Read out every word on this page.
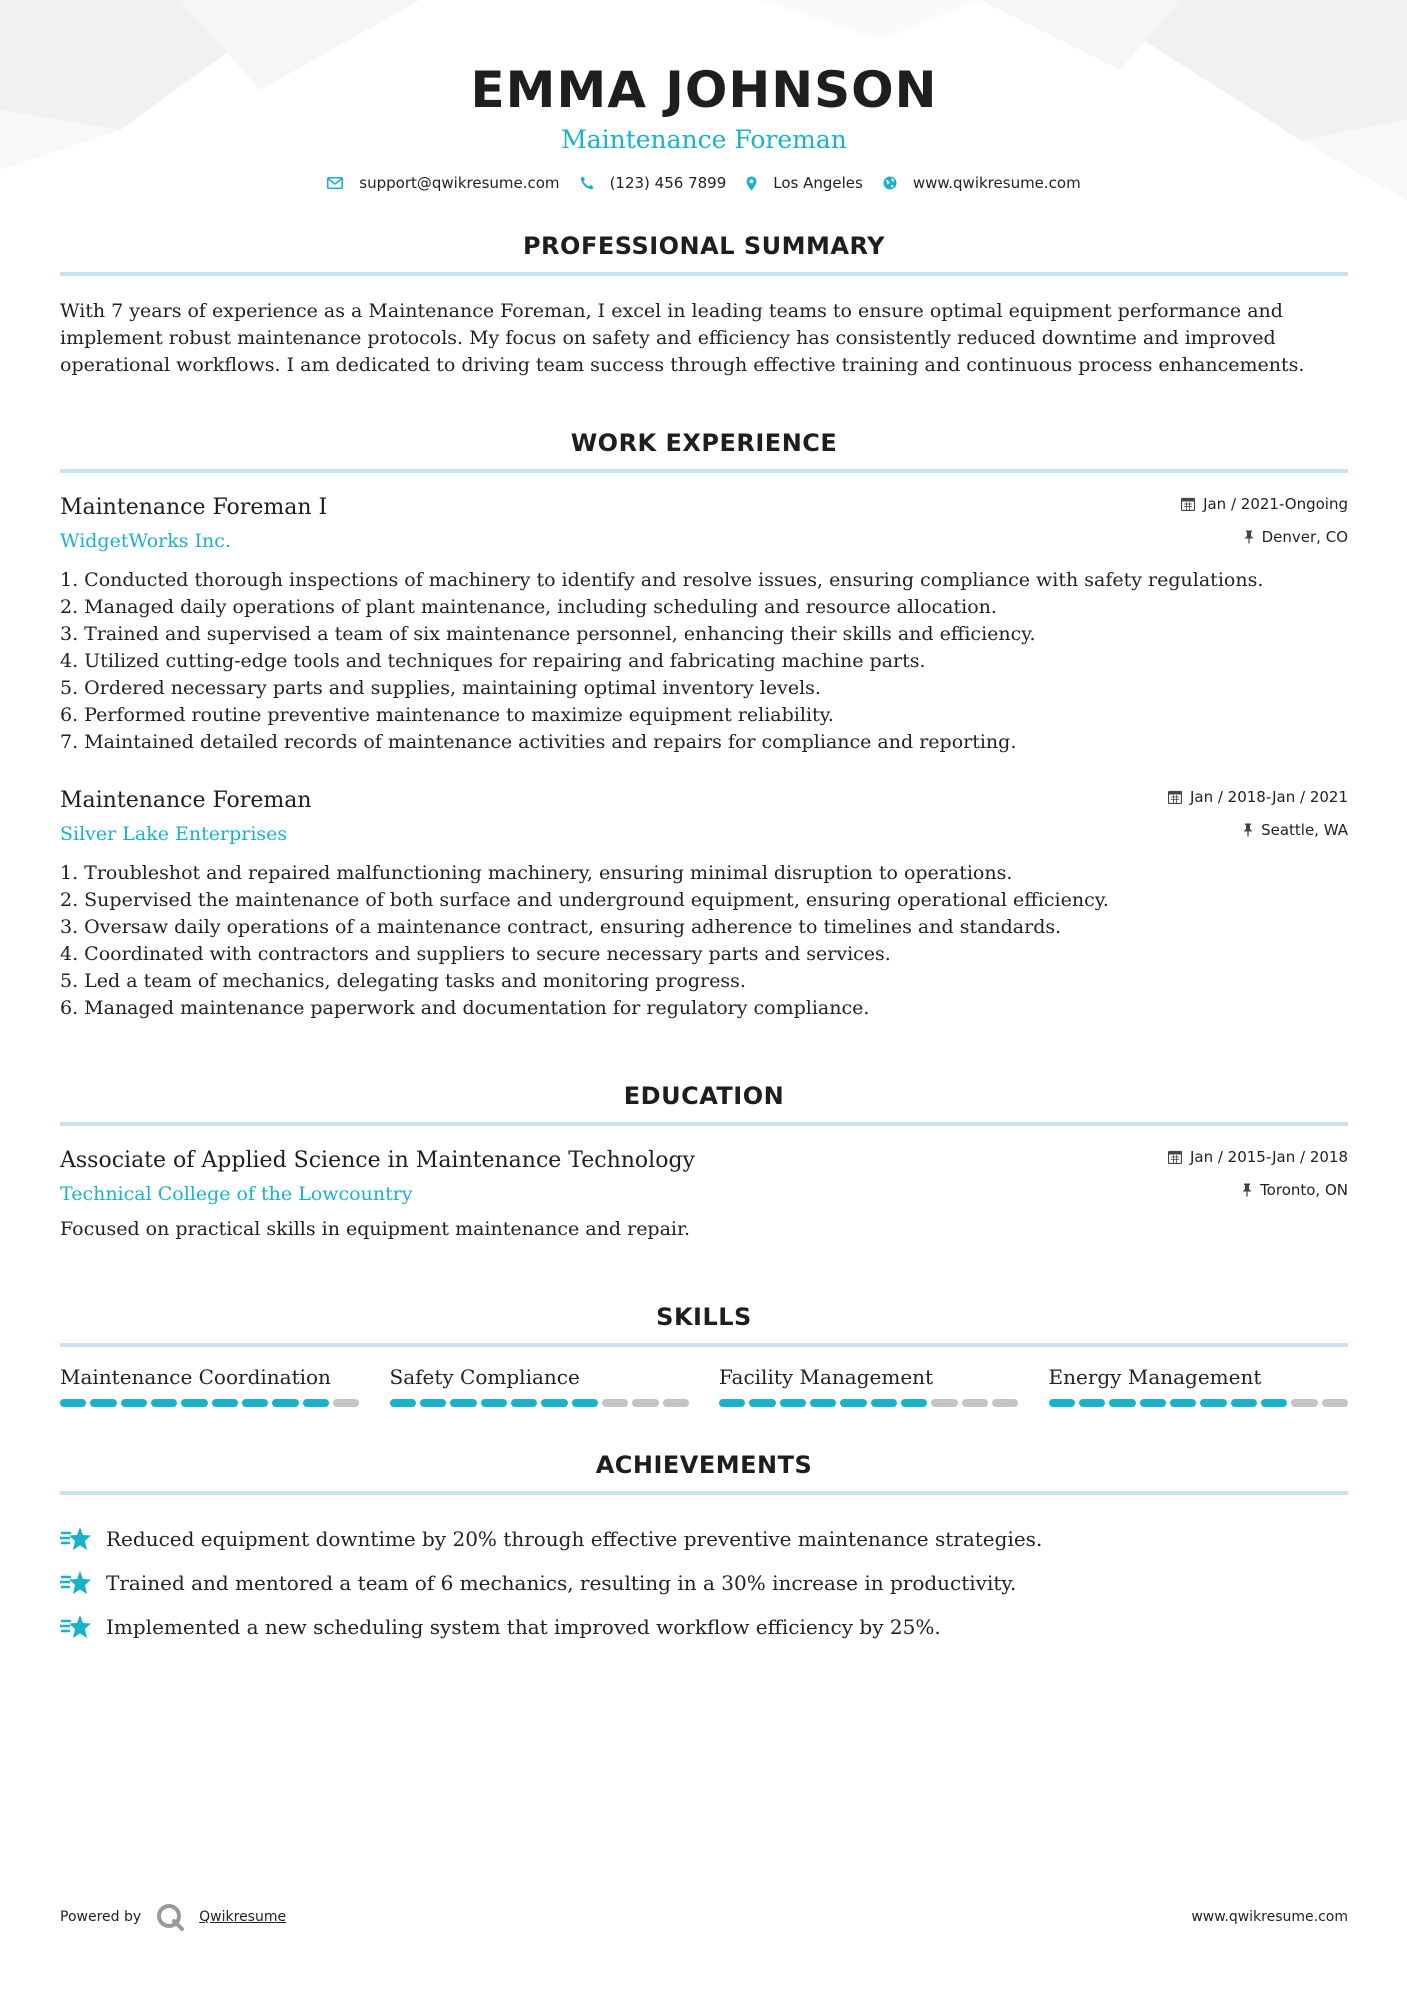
EMMA JOHNSON
Maintenance Foreman
support@qwikresume.com	(123) 456 7899	Los Angeles	www.qwikresume.com
PROFESSIONAL SUMMARY

With 7 years of experience as a Maintenance Foreman, I excel in leading teams to ensure optimal equipment performance and implement robust maintenance protocols. My focus on safety and efficiency has consistently reduced downtime and improved operational workflows. I am dedicated to driving team success through effective training and continuous process enhancements.

WORK EXPERIENCE
Maintenance Foreman I
WidgetWorks Inc.
Jan / 2021-Ongoing
Denver, CO
1. Conducted thorough inspections of machinery to identify and resolve issues, ensuring compliance with safety regulations.
2. Managed daily operations of plant maintenance, including scheduling and resource allocation.
3. Trained and supervised a team of six maintenance personnel, enhancing their skills and efficiency.
4. Utilized cutting-edge tools and techniques for repairing and fabricating machine parts.
5. Ordered necessary parts and supplies, maintaining optimal inventory levels.
6. Performed routine preventive maintenance to maximize equipment reliability.
7. Maintained detailed records of maintenance activities and repairs for compliance and reporting.
Maintenance Foreman
Silver Lake Enterprises
Jan / 2018-Jan / 2021
Seattle, WA
1. Troubleshot and repaired malfunctioning machinery, ensuring minimal disruption to operations.
2. Supervised the maintenance of both surface and underground equipment, ensuring operational efficiency.
3. Oversaw daily operations of a maintenance contract, ensuring adherence to timelines and standards.
4. Coordinated with contractors and suppliers to secure necessary parts and services.
5. Led a team of mechanics, delegating tasks and monitoring progress.
6. Managed maintenance paperwork and documentation for regulatory compliance.
EDUCATION
Associate of Applied Science in Maintenance Technology
Technical College of the Lowcountry
Jan / 2015-Jan / 2018
Toronto, ON

Focused on practical skills in equipment maintenance and repair.

SKILLS
Maintenance Coordination	Safety Compliance	Facility Management	Energy Management
ACHIEVEMENTS
Reduced equipment downtime by 20% through effective preventive maintenance strategies.
Trained and mentored a team of 6 mechanics, resulting in a 30% increase in productivity.
Implemented a new scheduling system that improved workflow efficiency by 25%.
Powered by	Qwikresume	www.qwikresume.com
